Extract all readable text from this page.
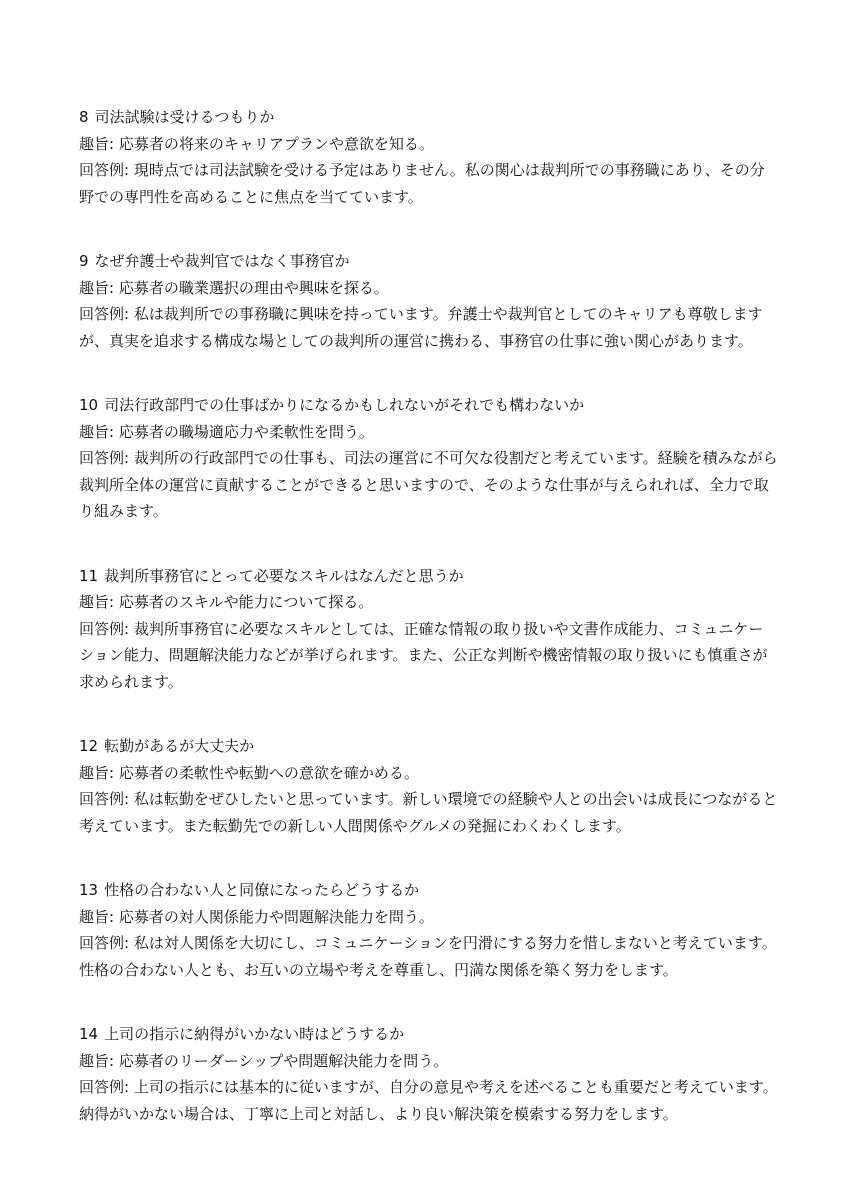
8 司法試験は受けるつもりか
趣旨: 応募者の将来のキャリアプランや意欲を知る。
回答例: 現時点では司法試験を受ける予定はありません。私の関心は裁判所での事務職にあり、その分野での専門性を高めることに焦点を当てています。
9 なぜ弁護士や裁判官ではなく事務官か
趣旨: 応募者の職業選択の理由や興味を探る。
回答例: 私は裁判所での事務職に興味を持っています。弁護士や裁判官としてのキャリアも尊敬しますが、真実を追求する構成な場としての裁判所の運営に携わる、事務官の仕事に強い関心があります。
10 司法行政部門での仕事ばかりになるかもしれないがそれでも構わないか
趣旨: 応募者の職場適応力や柔軟性を問う。
回答例: 裁判所の行政部門での仕事も、司法の運営に不可欠な役割だと考えています。経験を積みながら裁判所全体の運営に貢献することができると思いますので、そのような仕事が与えられれば、全力で取り組みます。
11 裁判所事務官にとって必要なスキルはなんだと思うか
趣旨: 応募者のスキルや能力について探る。
回答例: 裁判所事務官に必要なスキルとしては、正確な情報の取り扱いや文書作成能力、コミュニケーション能力、問題解決能力などが挙げられます。また、公正な判断や機密情報の取り扱いにも慎重さが求められます。
12 転勤があるが大丈夫か
趣旨: 応募者の柔軟性や転勤への意欲を確かめる。
回答例: 私は転勤をぜひしたいと思っています。新しい環境での経験や人との出会いは成長につながると考えています。また転勤先での新しい人間関係やグルメの発掘にわくわくします。
13 性格の合わない人と同僚になったらどうするか
趣旨: 応募者の対人関係能力や問題解決能力を問う。
回答例: 私は対人関係を大切にし、コミュニケーションを円滑にする努力を惜しまないと考えています。性格の合わない人とも、お互いの立場や考えを尊重し、円満な関係を築く努力をします。
14 上司の指示に納得がいかない時はどうするか
趣旨: 応募者のリーダーシップや問題解決能力を問う。
回答例: 上司の指示には基本的に従いますが、自分の意見や考えを述べることも重要だと考えています。納得がいかない場合は、丁寧に上司と対話し、より良い解決策を模索する努力をします。
